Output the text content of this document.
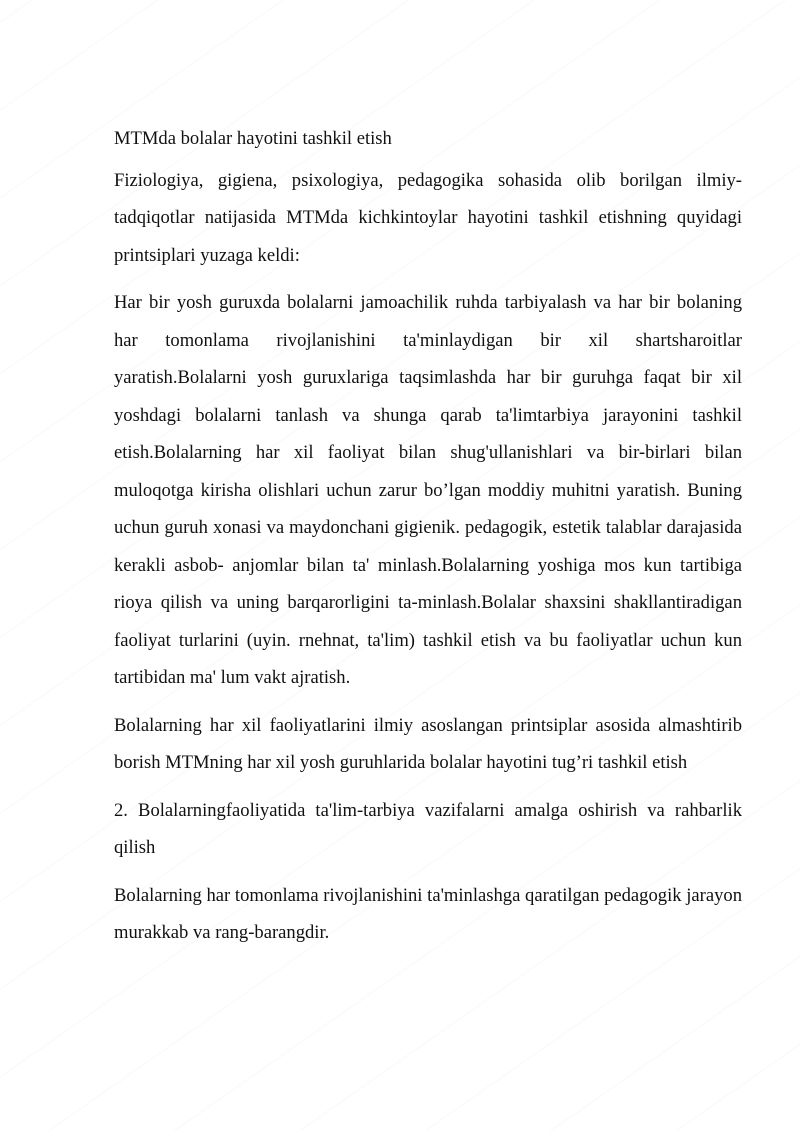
MTMda bolalar hayotini tashkil etish

Fiziologiya, gigiena, psixologiya, pedagogika sohasida olib borilgan ilmiy- tadqiqotlar natijasida MTMda kichkintoylar hayotini tashkil etishning quyidagi printsiplari yuzaga keldi:

Har bir yosh guruxda bolalarni jamoachilik ruhda tarbiyalash va har bir bolaning har tomonlama rivojlanishini ta'minlaydigan bir xil shartsharoitlar yaratish.Bolalarni yosh guruxlariga taqsimlashda har bir guruhga faqat bir xil yoshdagi bolalarni tanlash va shunga qarab ta'limtarbiya jarayonini tashkil etish.Bolalarning har xil faoliyat bilan shug'ullanishlari va bir-birlari bilan muloqotga kirisha olishlari uchun zarur bo’lgan moddiy muhitni yaratish. Buning uchun guruh xonasi va maydonchani gigienik. pedagogik, estetik talablar darajasida kerakli asbob- anjomlar bilan ta' minlash.Bolalarning yoshiga mos kun tartibiga rioya qilish va uning barqarorligini ta-minlash.Bolalar shaxsini shakllantiradigan faoliyat turlarini (uyin. rnehnat, ta'lim) tashkil etish va bu faoliyatlar uchun kun tartibidan ma' lum vakt ajratish.

Bolalarning har xil faoliyatlarini ilmiy asoslangan printsiplar asosida almashtirib borish MTMning har xil yosh guruhlarida bolalar hayotini tug’ri tashkil etish

2. Bolalarningfaoliyatida ta'lim-tarbiya vazifalarni amalga oshirish va rahbarlik qilish

Bolalarning har tomonlama rivojlanishini ta'minlashga qaratilgan pedagogik jarayon murakkab va rang-barangdir.
